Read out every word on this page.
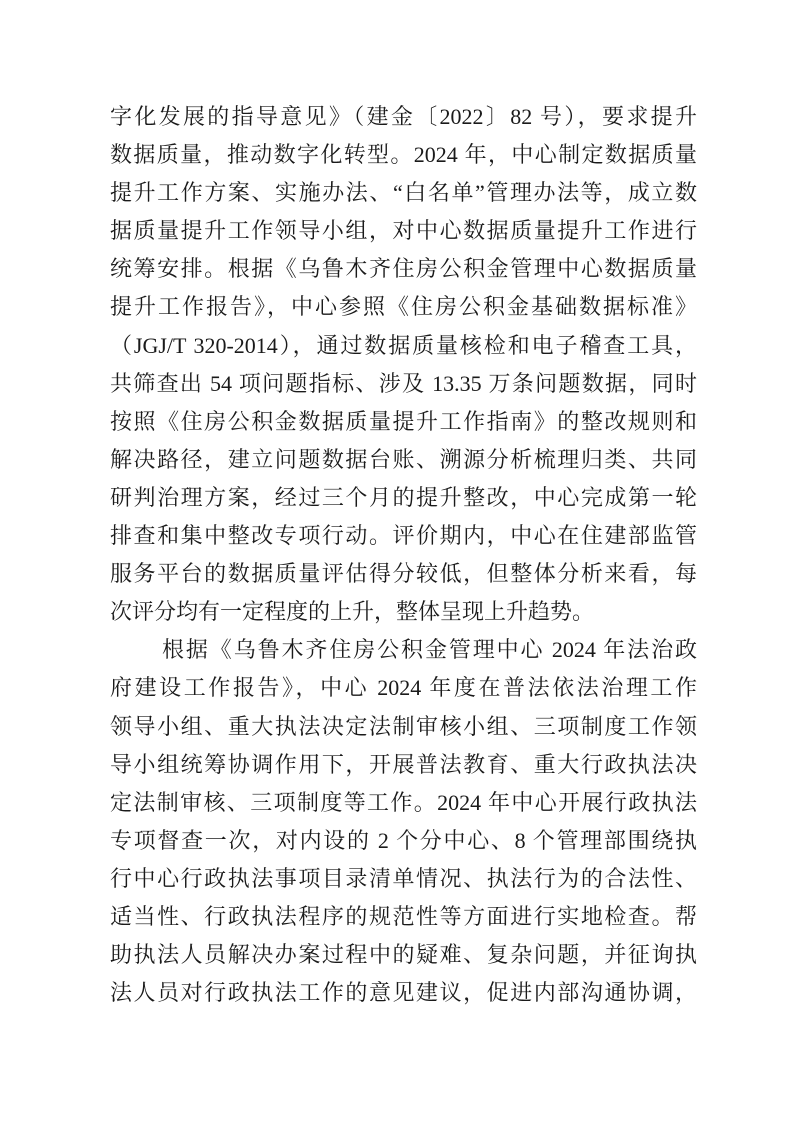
字化发展的指导意见》（建金〔2022〕82 号），要求提升
数据质量，推动数字化转型。2024 年，中心制定数据质量
提升工作方案、实施办法、“白名单”管理办法等，成立数
据质量提升工作领导小组，对中心数据质量提升工作进行
统筹安排。根据《乌鲁木齐住房公积金管理中心数据质量
提升工作报告》，中心参照《住房公积金基础数据标准》
（JGJ/T 320-2014），通过数据质量核检和电子稽查工具，
共筛查出 54 项问题指标、涉及 13.35 万条问题数据，同时
按照《住房公积金数据质量提升工作指南》的整改规则和
解决路径，建立问题数据台账、溯源分析梳理归类、共同
研判治理方案，经过三个月的提升整改，中心完成第一轮
排查和集中整改专项行动。评价期内，中心在住建部监管
服务平台的数据质量评估得分较低，但整体分析来看，每
次评分均有一定程度的上升，整体呈现上升趋势。
根据《乌鲁木齐住房公积金管理中心 2024 年法治政
府建设工作报告》，中心 2024 年度在普法依法治理工作
领导小组、重大执法决定法制审核小组、三项制度工作领
导小组统筹协调作用下，开展普法教育、重大行政执法决
定法制审核、三项制度等工作。2024 年中心开展行政执法
专项督查一次，对内设的 2 个分中心、8 个管理部围绕执
行中心行政执法事项目录清单情况、执法行为的合法性、
适当性、行政执法程序的规范性等方面进行实地检查。帮
助执法人员解决办案过程中的疑难、复杂问题，并征询执
法人员对行政执法工作的意见建议，促进内部沟通协调，
